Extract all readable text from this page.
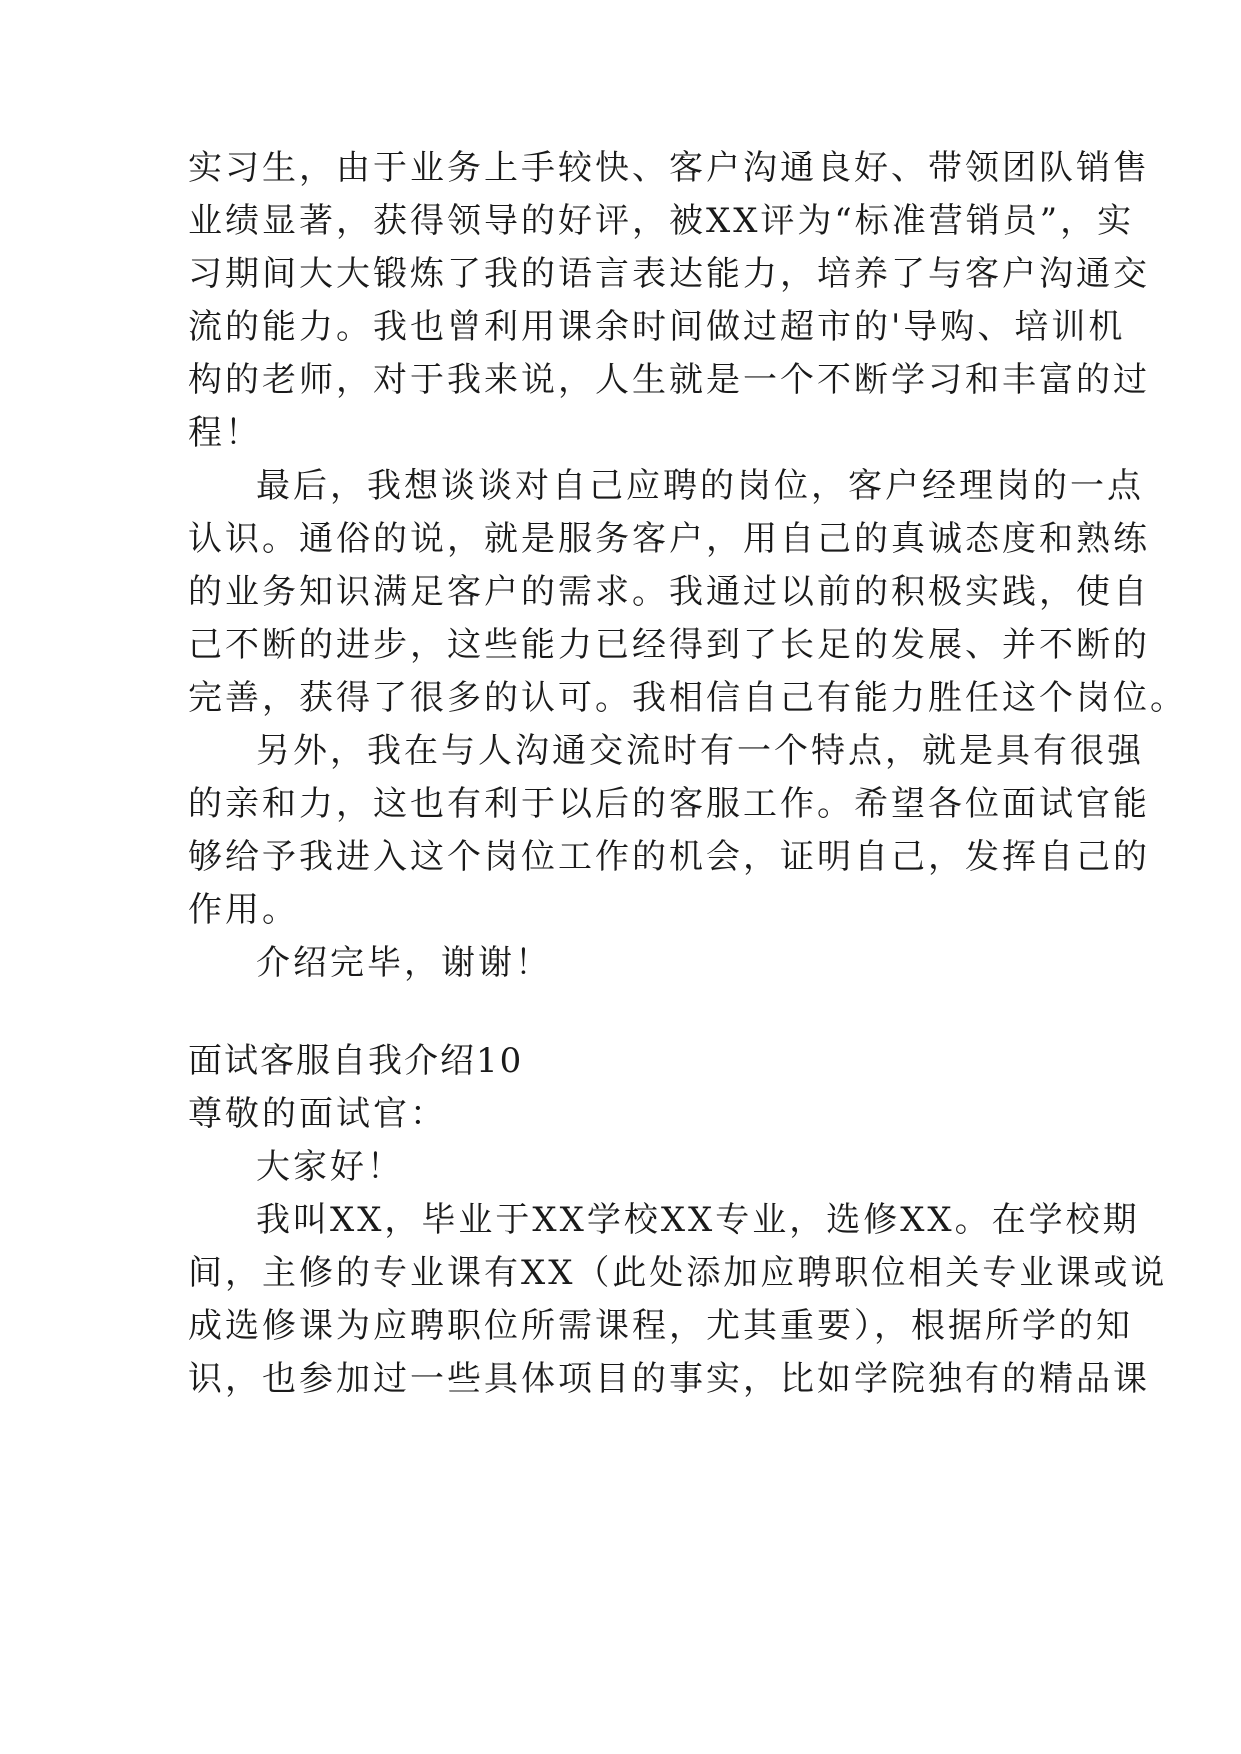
实习生，由于业务上手较快、客户沟通良好、带领团队销售
业绩显著，获得领导的好评，被XX评为“标准营销员”，实
习期间大大锻炼了我的语言表达能力，培养了与客户沟通交
流的能力。我也曾利用课余时间做过超市的'导购、培训机
构的老师，对于我来说，人生就是一个不断学习和丰富的过
程！
最后，我想谈谈对自己应聘的岗位，客户经理岗的一点
认识。通俗的说，就是服务客户，用自己的真诚态度和熟练
的业务知识满足客户的需求。我通过以前的积极实践，使自
己不断的进步，这些能力已经得到了长足的发展、并不断的
完善，获得了很多的认可。我相信自己有能力胜任这个岗位。
另外，我在与人沟通交流时有一个特点，就是具有很强
的亲和力，这也有利于以后的客服工作。希望各位面试官能
够给予我进入这个岗位工作的机会，证明自己，发挥自己的
作用。
介绍完毕，谢谢！
面试客服自我介绍10
尊敬的面试官：
大家好！
我叫XX，毕业于XX学校XX专业，选修XX。在学校期
间，主修的专业课有XX（此处添加应聘职位相关专业课或说
成选修课为应聘职位所需课程，尤其重要），根据所学的知
识，也参加过一些具体项目的事实，比如学院独有的精品课
